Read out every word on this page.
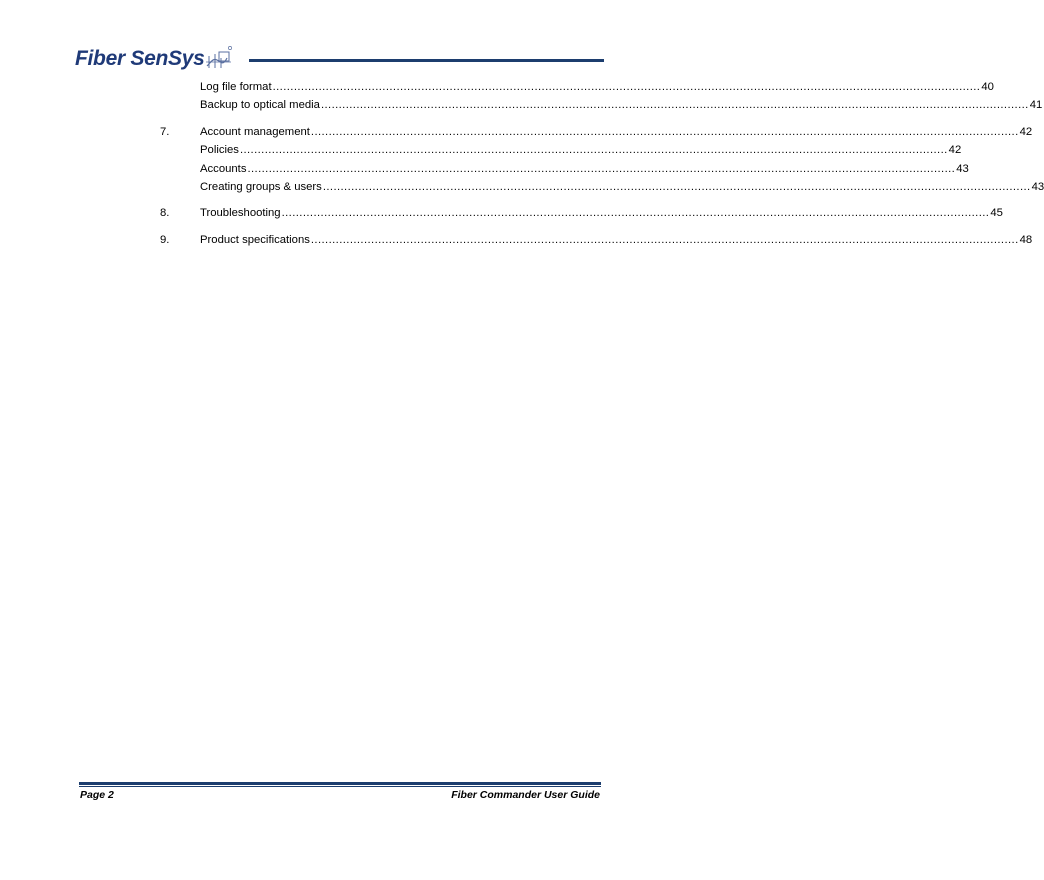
Fiber SenSys
Log file format ........................................................................................................................................................................................................ 40
Backup to optical media ........................................................................................................................................................................................................ 41
7.	Account management ........................................................................................................................................................................................................ 42
Policies ........................................................................................................................................................................................................ 42
Accounts ........................................................................................................................................................................................................ 43
Creating groups & users ........................................................................................................................................................................................................ 43
8.	Troubleshooting ........................................................................................................................................................................................................ 45
9.	Product specifications ........................................................................................................................................................................................................ 48
Page 2	Fiber Commander User Guide
